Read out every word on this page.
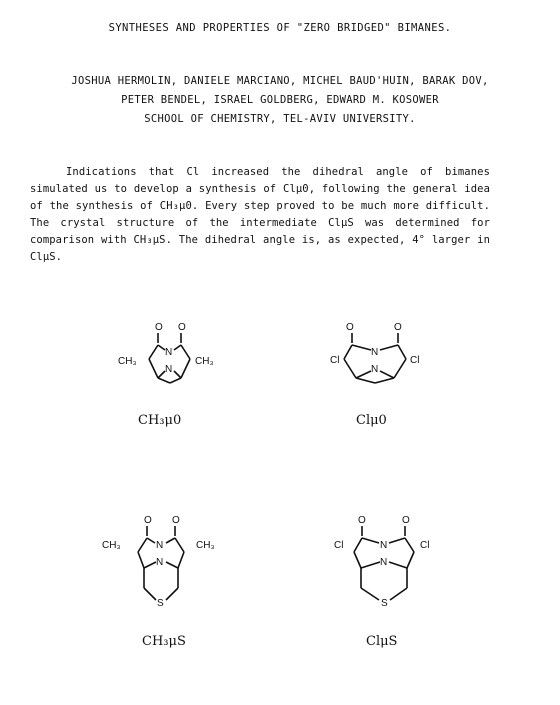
SYNTHESES AND PROPERTIES OF "ZERO BRIDGED" BIMANES.
JOSHUA HERMOLIN, DANIELE MARCIANO, MICHEL BAUD'HUIN, BARAK DOV,
PETER BENDEL, ISRAEL GOLDBERG, EDWARD M. KOSOWER
SCHOOL OF CHEMISTRY, TEL-AVIV UNIVERSITY.

Indications that Cl increased the dihedral angle of bimanes simulated us to develop a synthesis of Clμ0, following the general idea of the synthesis of CH₃μ0. Every step proved to be much more difficult. The crystal structure of the intermediate ClμS was determined for comparison with CH₃μS. The dihedral angle is, as expected, 4° larger in ClμS.

O O
N
N
CH₃	CH₃
CH₃μ0
O	O
N
N
Cl	Cl
Clμ0
O O
N
N
S
CH₃	CH₃
CH₃μS
O	O
N
N
S
Cl	Cl
ClμS
